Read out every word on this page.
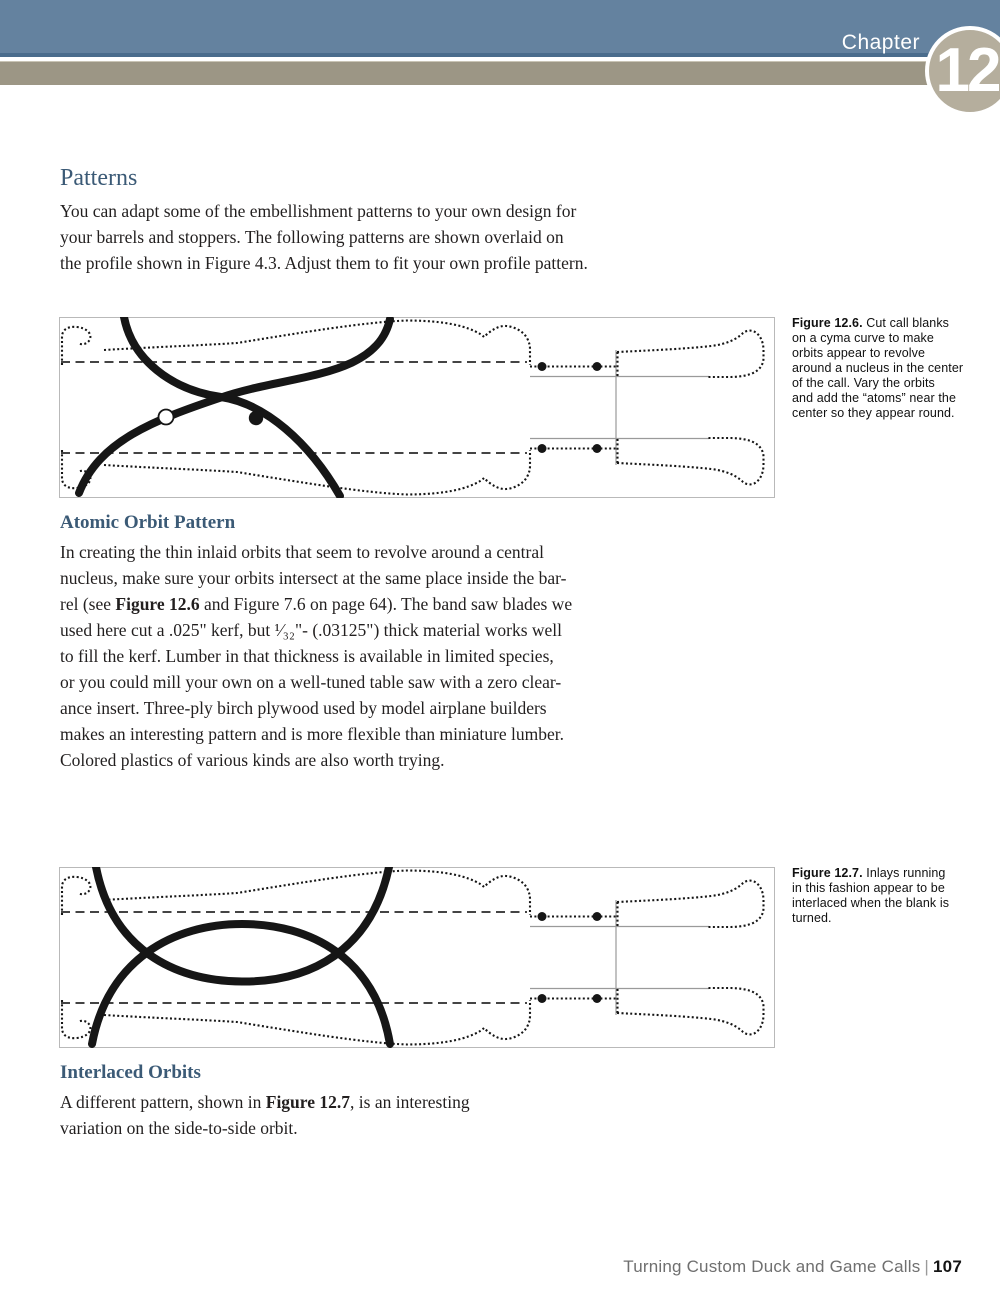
Chapter 12
Patterns
You can adapt some of the embellishment patterns to your own design for
your barrels and stoppers. The following patterns are shown overlaid on
the profile shown in Figure 4.3. Adjust them to fit your own profile pattern.
Figure 12.6. Cut call blanks
on a cyma curve to make
orbits appear to revolve
around a nucleus in the center
of the call. Vary the orbits
and add the “atoms” near the
center so they appear round.
Atomic Orbit Pattern
In creating the thin inlaid orbits that seem to revolve around a central
nucleus, make sure your orbits intersect at the same place inside the bar-
rel (see Figure 12.6 and Figure 7.6 on page 64). The band saw blades we
used here cut a .025" kerf, but ¹⁄₃₂"- (.03125") thick material works well
to fill the kerf. Lumber in that thickness is available in limited species,
or you could mill your own on a well-tuned table saw with a zero clear-
ance insert. Three-ply birch plywood used by model airplane builders
makes an interesting pattern and is more flexible than miniature lumber.
Colored plastics of various kinds are also worth trying.
Figure 12.7. Inlays running
in this fashion appear to be
interlaced when the blank is
turned.
Interlaced Orbits
A different pattern, shown in Figure 12.7, is an interesting
variation on the side-to-side orbit.
Turning Custom Duck and Game Calls | 107
